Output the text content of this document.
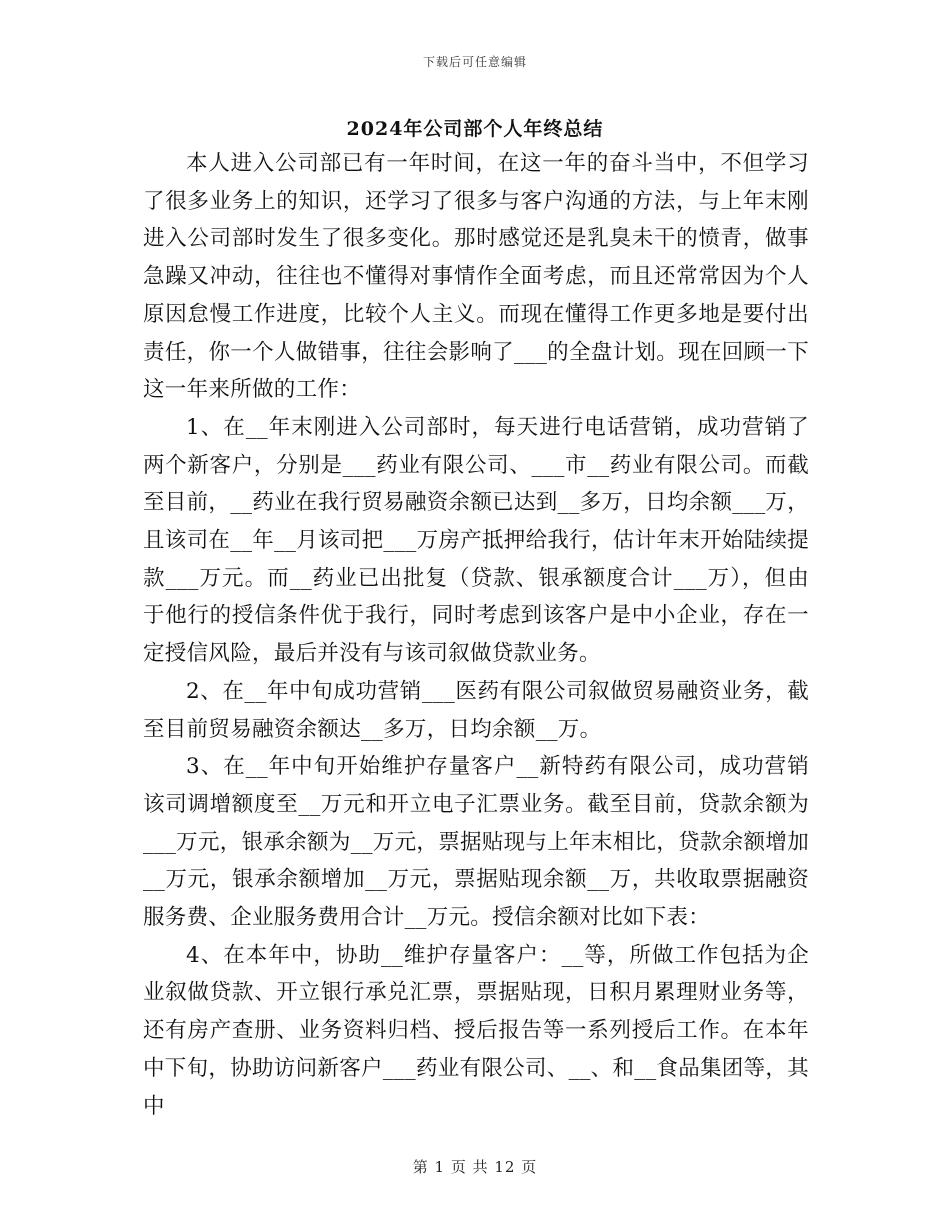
下载后可任意编辑
2024年公司部个人年终总结

本人进入公司部已有一年时间，在这一年的奋斗当中，不但学习了很多业务上的知识，还学习了很多与客户沟通的方法，与上年末刚进入公司部时发生了很多变化。那时感觉还是乳臭未干的愤青，做事急躁又冲动，往往也不懂得对事情作全面考虑，而且还常常因为个人原因怠慢工作进度，比较个人主义。而现在懂得工作更多地是要付出责任，你一个人做错事，往往会影响了___的全盘计划。现在回顾一下这一年来所做的工作：

1、在__年末刚进入公司部时，每天进行电话营销，成功营销了两个新客户，分别是___药业有限公司、___市__药业有限公司。而截至目前，__药业在我行贸易融资余额已达到__多万，日均余额___万，且该司在__年__月该司把___万房产抵押给我行，估计年末开始陆续提款___万元。而__药业已出批复（贷款、银承额度合计___万），但由于他行的授信条件优于我行，同时考虑到该客户是中小企业，存在一定授信风险，最后并没有与该司叙做贷款业务。

2、在__年中旬成功营销___医药有限公司叙做贸易融资业务，截至目前贸易融资余额达__多万，日均余额__万。

3、在__年中旬开始维护存量客户__新特药有限公司，成功营销该司调增额度至__万元和开立电子汇票业务。截至目前，贷款余额为___万元，银承余额为__万元，票据贴现与上年末相比，贷款余额增加__万元，银承余额增加__万元，票据贴现余额__万，共收取票据融资服务费、企业服务费用合计__万元。授信余额对比如下表：

4、在本年中，协助__维护存量客户：__等，所做工作包括为企业叙做贷款、开立银行承兑汇票，票据贴现，日积月累理财业务等，还有房产查册、业务资料归档、授后报告等一系列授后工作。在本年中下旬，协助访问新客户___药业有限公司、__、和__食品集团等，其中

第 1 页 共 12 页
